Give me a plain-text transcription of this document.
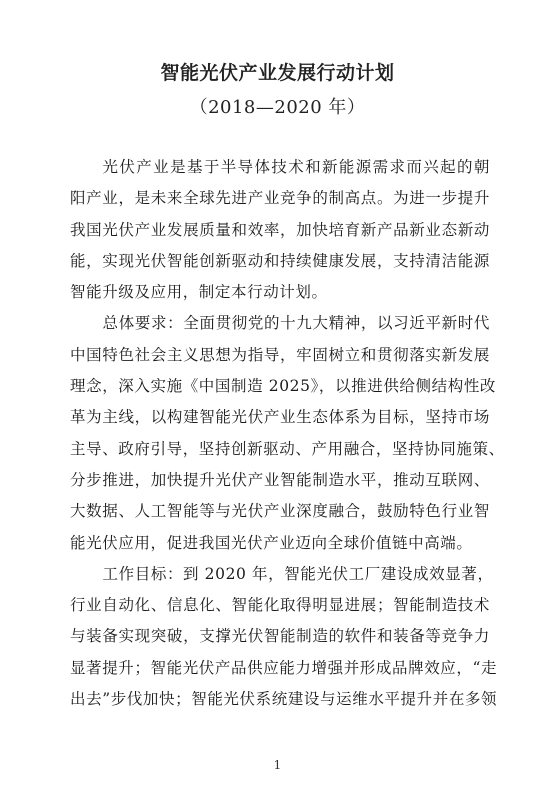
智能光伏产业发展行动计划
（2018—2020 年）

光伏产业是基于半导体技术和新能源需求而兴起的朝

阳产业，是未来全球先进产业竞争的制高点。为进一步提升

我国光伏产业发展质量和效率，加快培育新产品新业态新动

能，实现光伏智能创新驱动和持续健康发展，支持清洁能源

智能升级及应用，制定本行动计划。

总体要求：全面贯彻党的十九大精神，以习近平新时代

中国特色社会主义思想为指导，牢固树立和贯彻落实新发展

理念，深入实施《中国制造 2025》，以推进供给侧结构性改

革为主线，以构建智能光伏产业生态体系为目标，坚持市场

主导、政府引导，坚持创新驱动、产用融合，坚持协同施策、

分步推进，加快提升光伏产业智能制造水平，推动互联网、

大数据、人工智能等与光伏产业深度融合，鼓励特色行业智

能光伏应用，促进我国光伏产业迈向全球价值链中高端。

工作目标：到 2020 年，智能光伏工厂建设成效显著，

行业自动化、信息化、智能化取得明显进展；智能制造技术

与装备实现突破，支撑光伏智能制造的软件和装备等竞争力

显著提升；智能光伏产品供应能力增强并形成品牌效应，“走

出去”步伐加快；智能光伏系统建设与运维水平提升并在多领

1
